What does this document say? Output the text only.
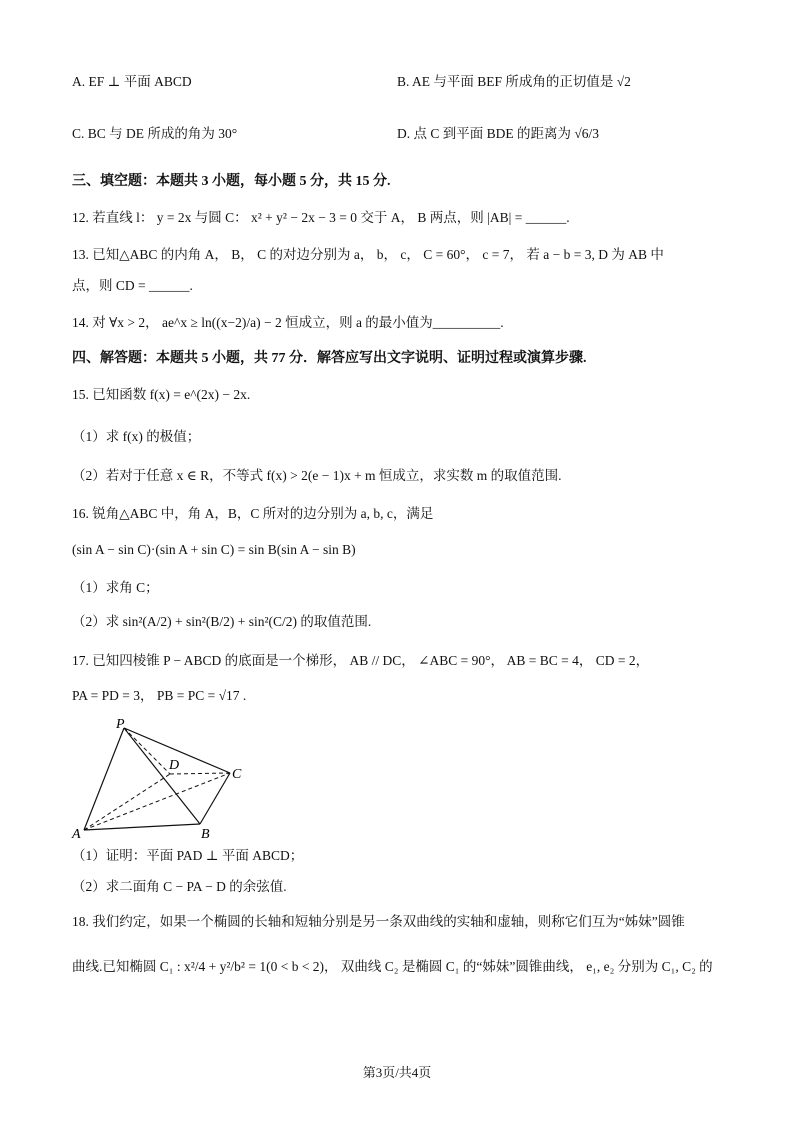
A. EF ⊥ 平面 ABCD	B. AE 与平面 BEF 所成角的正切值是 √2
C. BC 与 DE 所成的角为 30°	D. 点 C 到平面 BDE 的距离为 √6/3
三、填空题：本题共 3 小题，每小题 5 分，共 15 分.
12. 若直线 l： y = 2x 与圆 C： x² + y² − 2x − 3 = 0 交于 A， B 两点，则 |AB| = ______.
13. 已知△ABC 的内角 A， B， C 的对边分别为 a， b， c， C = 60°， c = 7， 若 a − b = 3, D 为 AB 中
点，则 CD = ______.
14. 对 ∀x > 2， ae^x ≥ ln((x−2)/a) − 2 恒成立，则 a 的最小值为__________.
四、解答题：本题共 5 小题，共 77 分．解答应写出文字说明、证明过程或演算步骤.
15. 已知函数 f(x) = e^(2x) − 2x.
（1）求 f(x) 的极值；
（2）若对于任意 x ∈ R，不等式 f(x) > 2(e − 1)x + m 恒成立，求实数 m 的取值范围.
16. 锐角△ABC 中，角 A，B，C 所对的边分别为 a, b, c，满足
(sin A − sin C)·(sin A + sin C) = sin B(sin A − sin B)
（1）求角 C；
（2）求 sin²(A/2) + sin²(B/2) + sin²(C/2) 的取值范围.
17. 已知四棱锥 P − ABCD 的底面是一个梯形， AB // DC， ∠ABC = 90°， AB = BC = 4， CD = 2，
PA = PD = 3， PB = PC = √17 .
P
D
C
A	B
（1）证明：平面 PAD ⊥ 平面 ABCD；
（2）求二面角 C − PA − D 的余弦值.
18. 我们约定，如果一个椭圆的长轴和短轴分别是另一条双曲线的实轴和虚轴，则称它们互为“姊妹”圆锥
曲线.已知椭圆 C₁ : x²/4 + y²/b² = 1(0 < b < 2)， 双曲线 C₂ 是椭圆 C₁ 的“姊妹”圆锥曲线， e₁, e₂ 分别为 C₁, C₂ 的
第3页/共4页
